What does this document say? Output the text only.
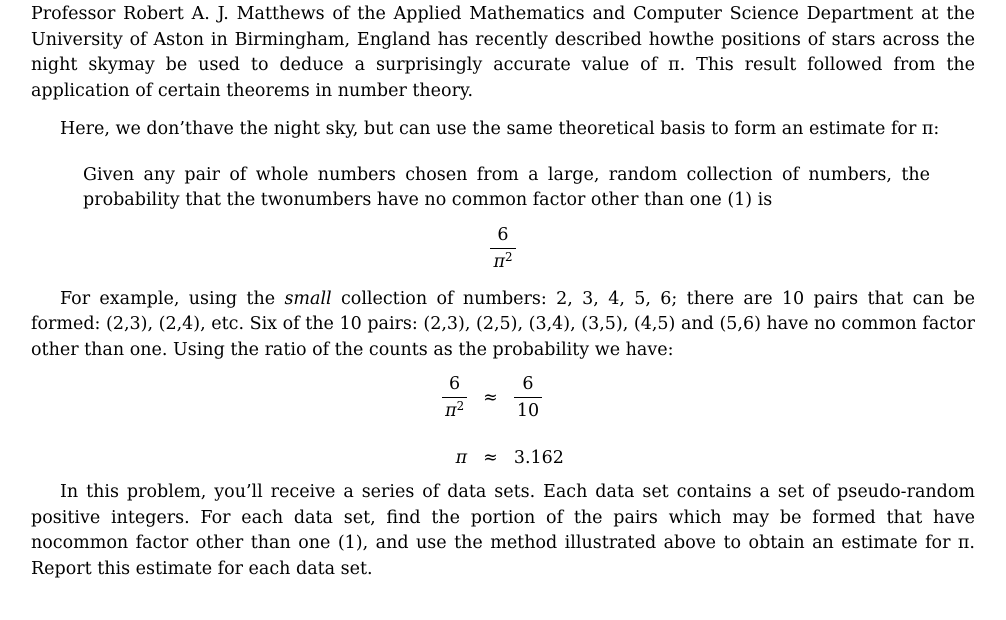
Professor Robert A. J. Matthews of the Applied Mathematics and Computer Science Department at the University of Aston in Birmingham, England has recently described howthe positions of stars across the night skymay be used to deduce a surprisingly accurate value of π. This result followed from the application of certain theorems in number theory.

Here, we don’thave the night sky, but can use the same theoretical basis to form an estimate for π:

Given any pair of whole numbers chosen from a large, random collection of numbers, the probability that the twonumbers have no common factor other than one (1) is

$\frac{6}{\pi^2}$

For example, using the small collection of numbers: 2, 3, 4, 5, 6; there are 10 pairs that can be formed: (2,3), (2,4), etc. Six of the 10 pairs: (2,3), (2,5), (3,4), (3,5), (4,5) and (5,6) have no common factor other than one. Using the ratio of the counts as the probability we have:

$\frac{6}{\pi^2} \approx \frac{6}{10}$
π ≈ 3.162

In this problem, you’ll receive a series of data sets. Each data set contains a set of pseudo-random positive integers. For each data set, find the portion of the pairs which may be formed that have nocommon factor other than one (1), and use the method illustrated above to obtain an estimate for π. Report this estimate for each data set.
